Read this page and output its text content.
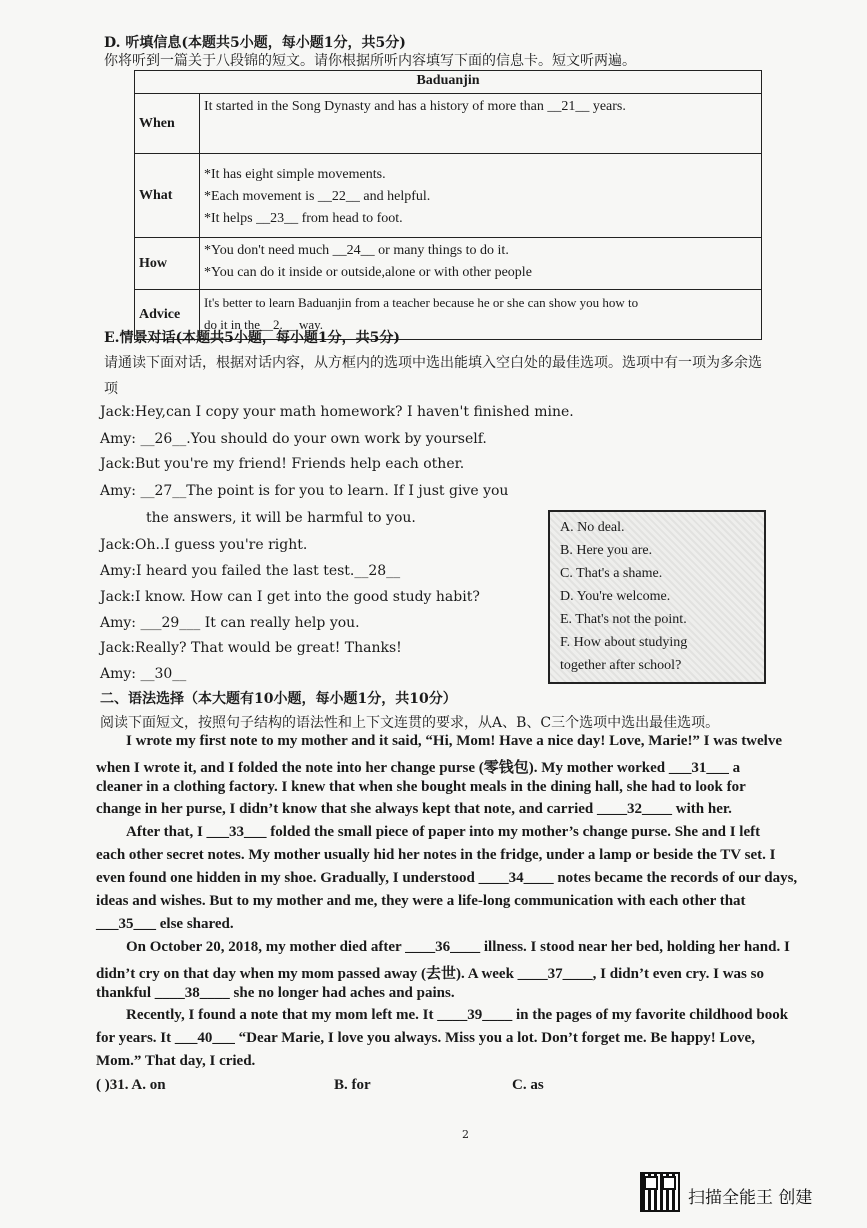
D. 听填信息(本题共5小题，每小题1分，共5分)
你将听到一篇关于八段锦的短文。请你根据所听内容填写下面的信息卡。短文听两遍。
Baduanjin	
When	It started in the Song Dynasty and has a history of more than __21__ years.

What	*It has eight simple movements.
*Each movement is __22__ and helpful.
*It helps __23__ from head to foot.

How	*You don't need much __24__ or many things to do it.
*You can do it inside or outside,alone or with other people

Advice	It's better to learn Baduanjin from a teacher because he or she can show you how to
do it in the__2.__ way.
E.情景对话(本题共5小题，每小题1分，共5分)
请通读下面对话，根据对话内容，从方框内的选项中选出能填入空白处的最佳选项。选项中有一项为多余选
项
Jack:Hey,can I copy your math homework? I haven't finished mine.
Amy: __26__.You should do your own work by yourself.
Jack:But you're my friend! Friends help each other.
Amy: __27__The point is for you to learn. If I just give you
the answers, it will be harmful to you.
Jack:Oh..I guess you're right.
Amy:I heard you failed the last test.__28__
Jack:I know. How can I get into the good study habit?
Amy: ___29___ It can really help you.
Jack:Really? That would be great! Thanks!
Amy: __30__
A. No deal.
B. Here you are.
C. That's a shame.
D. You're welcome.
E. That's not the point.
F. How about studying
together after school?
二、语法选择（本大题有10小题，每小题1分，共10分）
阅读下面短文，按照句子结构的语法性和上下文连贯的要求，从A、B、C三个选项中选出最佳选项。
I wrote my first note to my mother and it said, “Hi, Mom! Have a nice day! Love, Marie!” I was twelve
when I wrote it, and I folded the note into her change purse (零钱包). My mother worked ___31___ a
cleaner in a clothing factory. I knew that when she bought meals in the dining hall, she had to look for
change in her purse, I didn’t know that she always kept that note, and carried ____32____ with her.
After that, I ___33___ folded the small piece of paper into my mother’s change purse. She and I left
each other secret notes. My mother usually hid her notes in the fridge, under a lamp or beside the TV set. I
even found one hidden in my shoe. Gradually, I understood ____34____ notes became the records of our days,
ideas and wishes. But to my mother and me, they were a life-long communication with each other that
___35___ else shared.
On October 20, 2018, my mother died after ____36____ illness. I stood near her bed, holding her hand. I
didn’t cry on that day when my mom passed away (去世). A week ____37____, I didn’t even cry. I was so
thankful ____38____ she no longer had aches and pains.
Recently, I found a note that my mom left me. It ____39____ in the pages of my favorite childhood book
for years. It ___40___ “Dear Marie, I love you always. Miss you a lot. Don’t forget me. Be happy! Love,
Mom.” That day, I cried.
( )31. A. on	B. for	C. as
2
扫描全能王 创建
